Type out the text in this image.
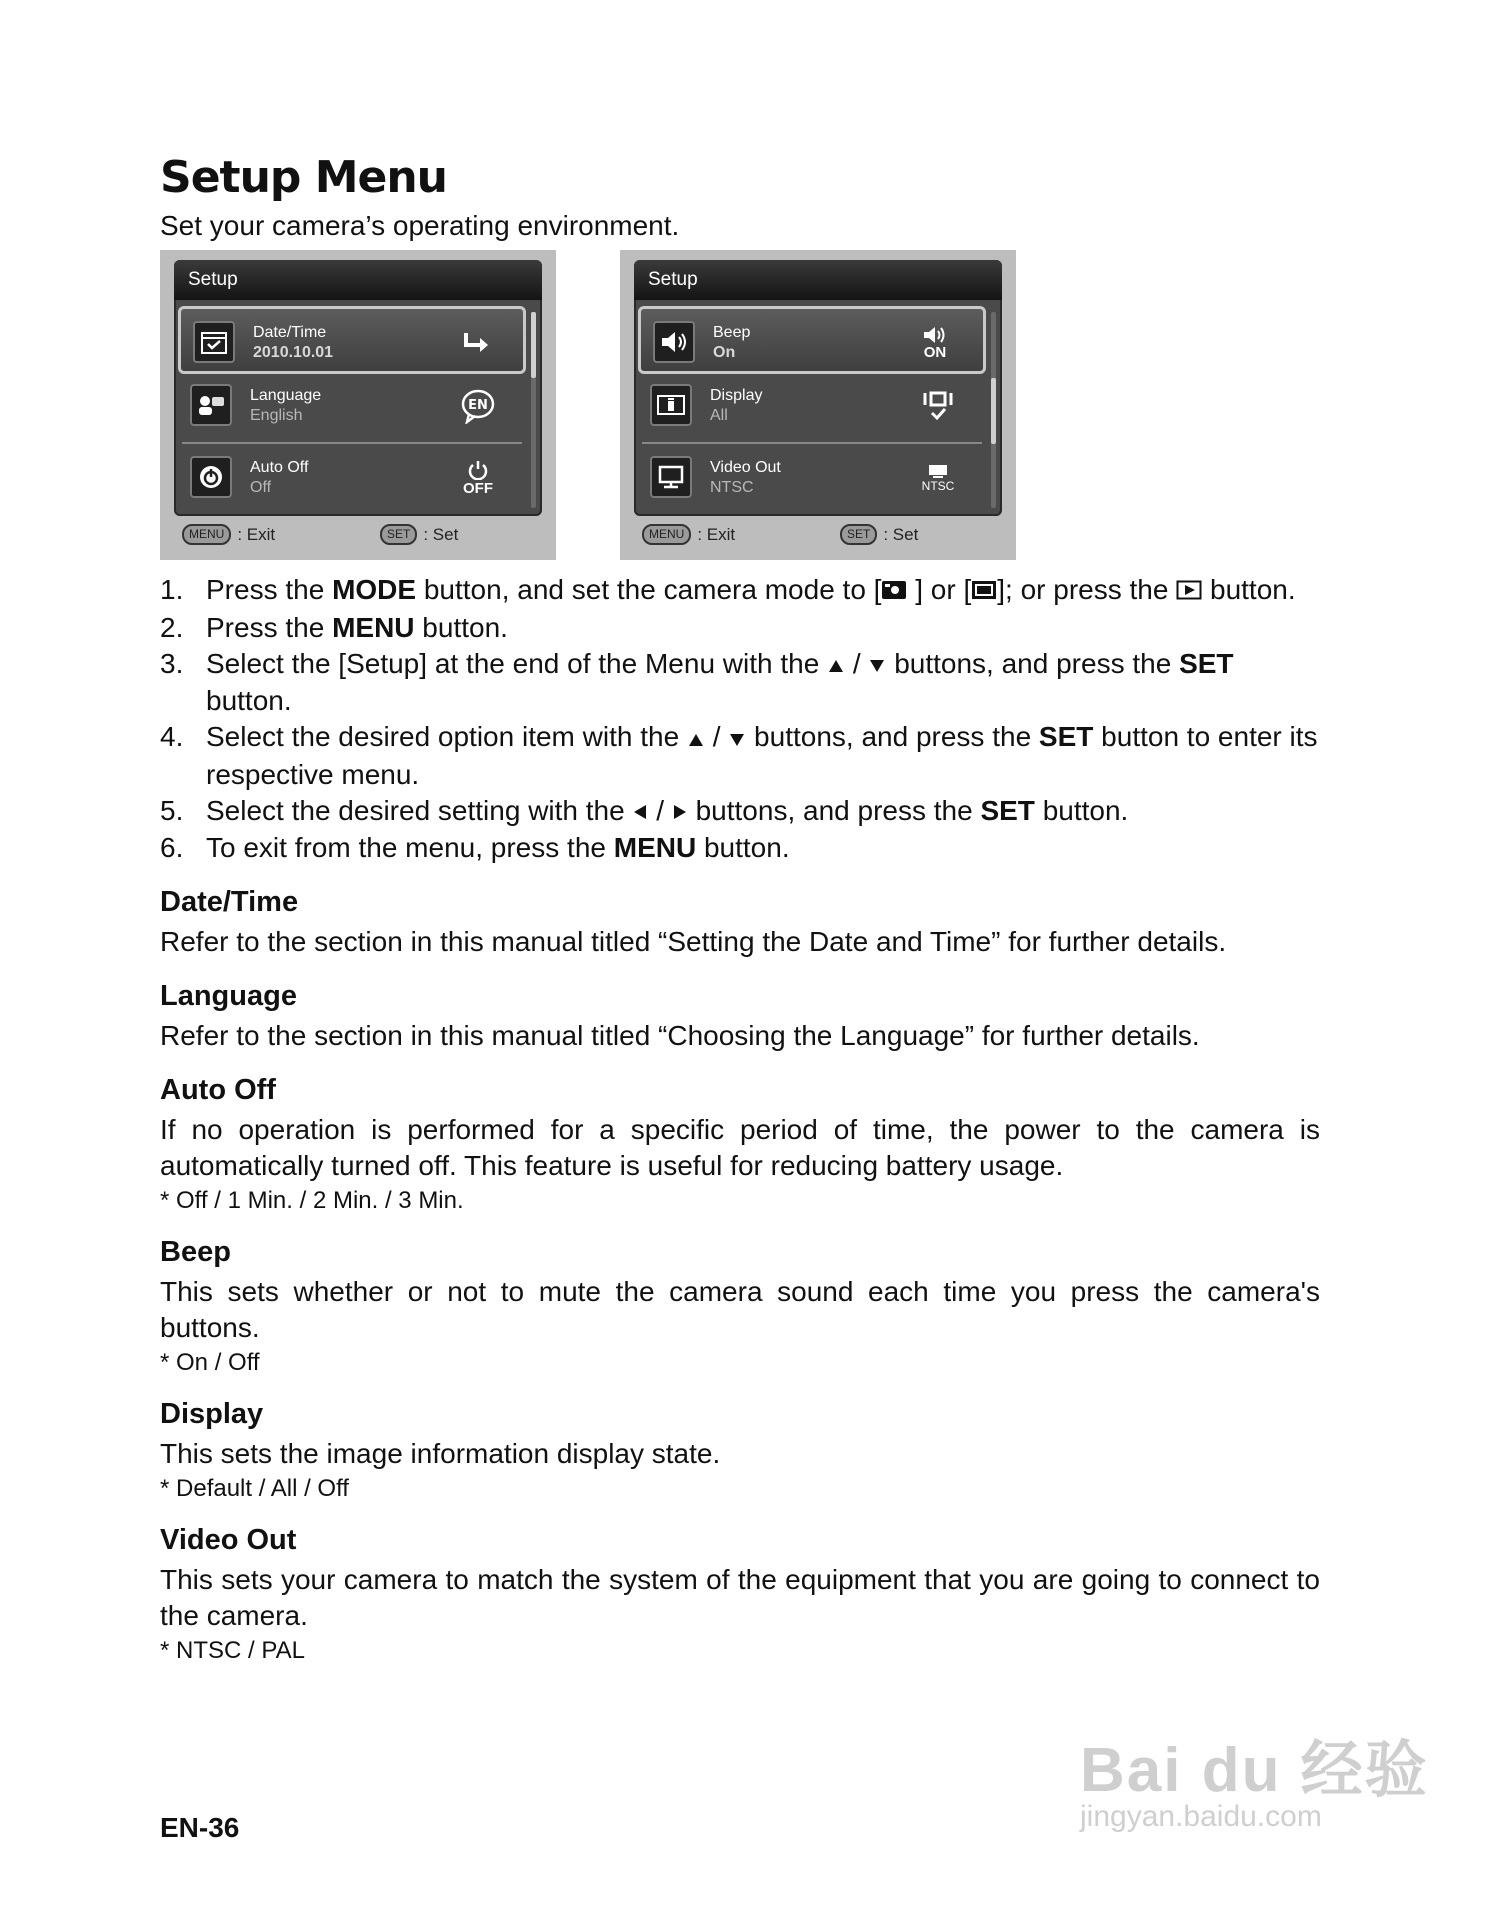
Setup Menu

Set your camera’s operating environment.

Setup
Date/Time
2010.10.01
Language
English
EN
Auto Off
Off	OFF
MENU : Exit	SET : Set
Setup
Beep
On	ON
Display
All
Video Out
NTSC	NTSC
MENU : Exit	SET : Set
1. Press the MODE button, and set the camera mode to [ ] or [ ]; or press the  button.
2. Press the MENU button.
3. Select the [Setup] at the end of the Menu with the  /  buttons, and press the SET button.
4. Select the desired option item with the  /  buttons, and press the SET button to enter its respective menu.
5. Select the desired setting with the  /  buttons, and press the SET button.
6. To exit from the menu, press the MENU button.
Date/Time

Refer to the section in this manual titled “Setting the Date and Time” for further details.

Language

Refer to the section in this manual titled “Choosing the Language” for further details.

Auto Off

If no operation is performed for a specific period of time, the power to the camera is automatically turned off. This feature is useful for reducing battery usage.

* Off / 1 Min. / 2 Min. / 3 Min.

Beep

This sets whether or not to mute the camera sound each time you press the camera's buttons.

* On / Off

Display

This sets the image information display state.

* Default / All / Off

Video Out

This sets your camera to match the system of the equipment that you are going to connect to the camera.

* NTSC / PAL

EN-36
Bai du 经验
jingyan.baidu.com
